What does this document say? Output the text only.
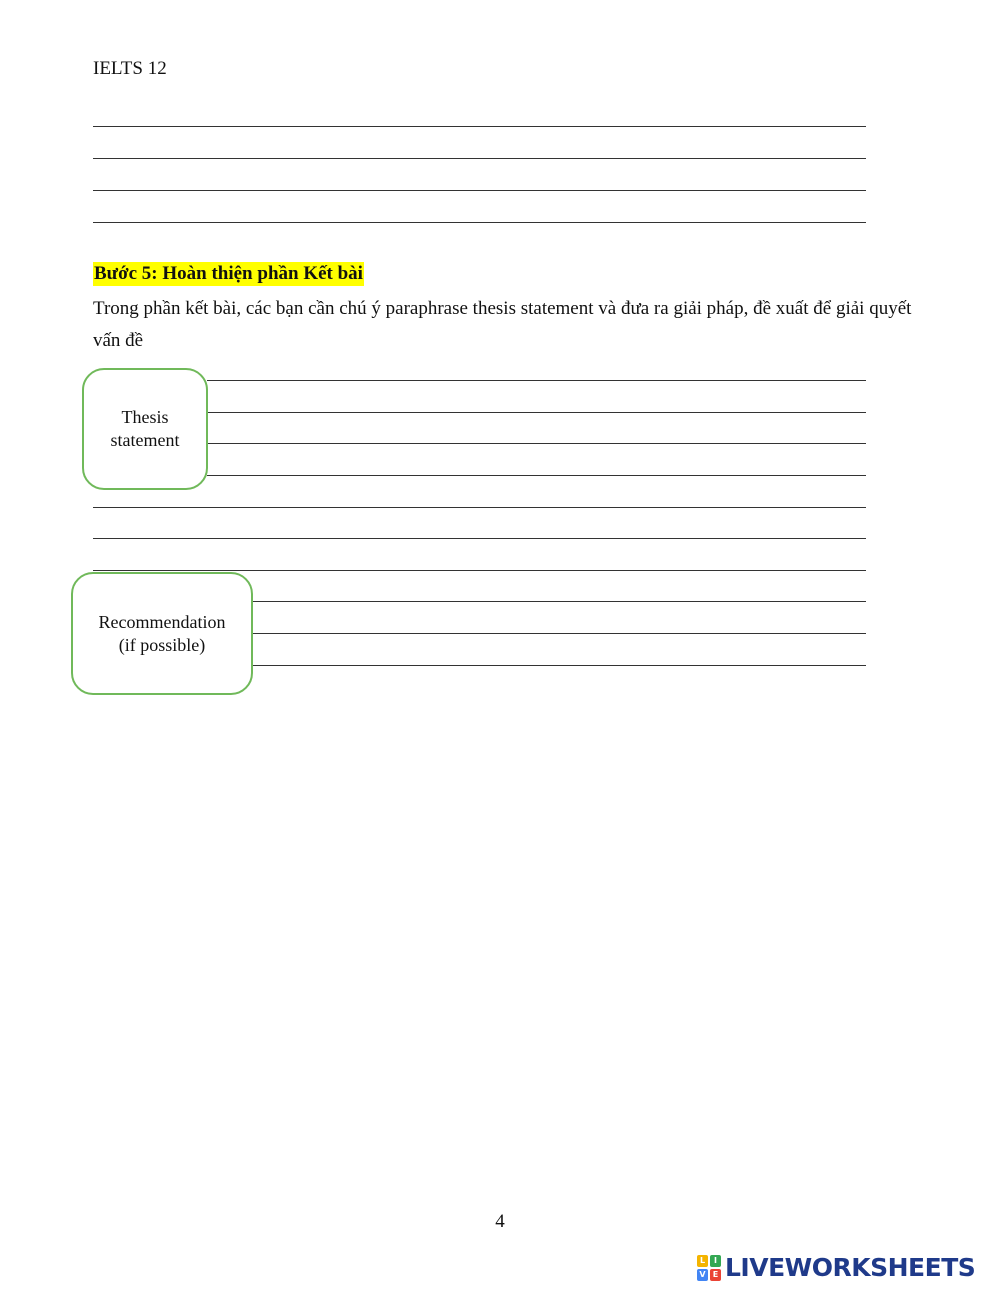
IELTS 12
Bước 5: Hoàn thiện phần Kết bài
Trong phần kết bài, các bạn cần chú ý paraphrase thesis statement và đưa ra giải pháp, đề xuất để giải quyết vấn đề
Thesis
statement
Recommendation
(if possible)
4
L	I
V E LIVEWORKSHEETS
